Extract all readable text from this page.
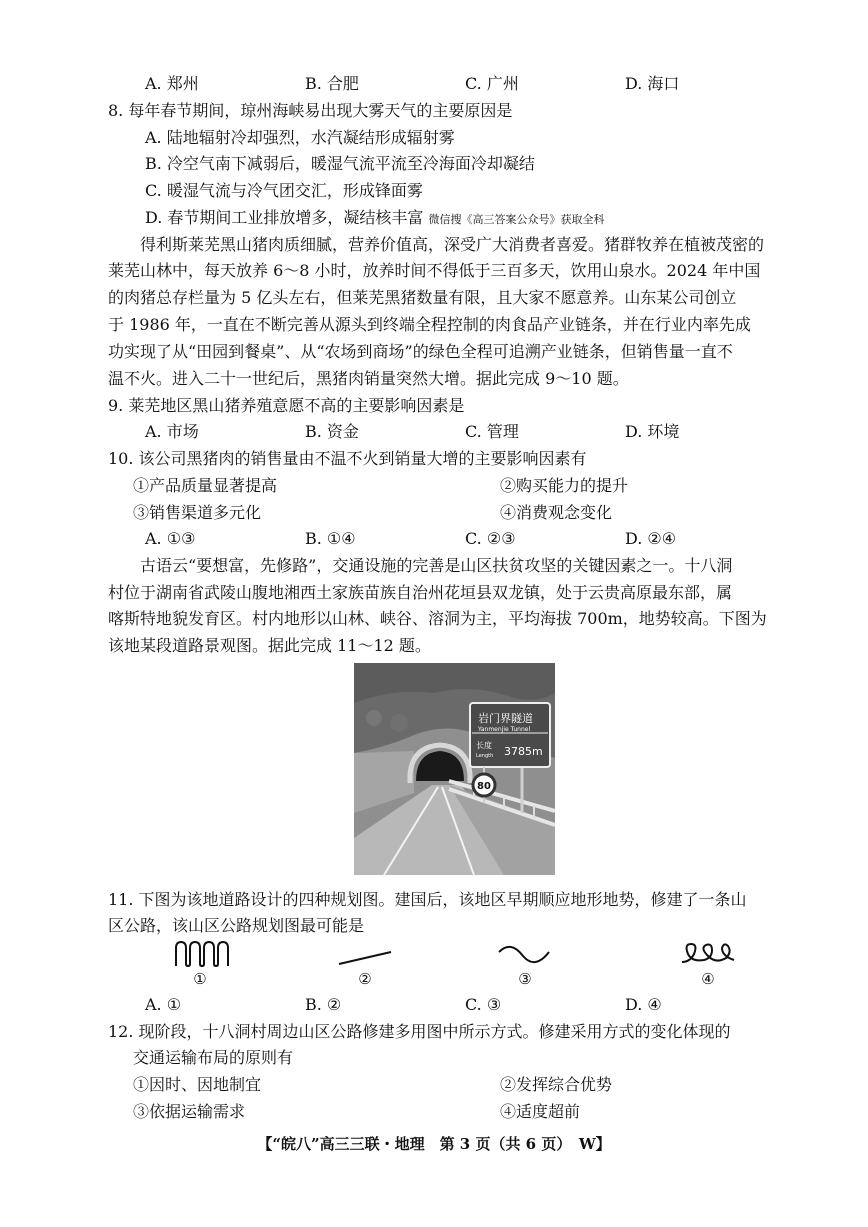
A. 郑州	B. 合肥	C. 广州	D. 海口
8. 每年春节期间，琼州海峡易出现大雾天气的主要原因是
A. 陆地辐射冷却强烈，水汽凝结形成辐射雾
B. 冷空气南下减弱后，暖湿气流平流至冷海面冷却凝结
C. 暖湿气流与冷气团交汇，形成锋面雾
D. 春节期间工业排放增多，凝结核丰富 微信搜《高三答案公众号》获取全科
　　得利斯莱芜黑山猪肉质细腻，营养价值高，深受广大消费者喜爱。猪群牧养在植被茂密的
莱芜山林中，每天放养 6～8 小时，放养时间不得低于三百多天，饮用山泉水。2024 年中国
的肉猪总存栏量为 5 亿头左右，但莱芜黑猪数量有限，且大家不愿意养。山东某公司创立
于 1986 年，一直在不断完善从源头到终端全程控制的肉食品产业链条，并在行业内率先成
功实现了从“田园到餐桌”、从“农场到商场”的绿色全程可追溯产业链条，但销售量一直不
温不火。进入二十一世纪后，黑猪肉销量突然大增。据此完成 9～10 题。
9. 莱芜地区黑山猪养殖意愿不高的主要影响因素是
A. 市场	B. 资金	C. 管理	D. 环境
10. 该公司黑猪肉的销售量由不温不火到销量大增的主要影响因素有
①产品质量显著提高	②购买能力的提升
③销售渠道多元化	④消费观念变化
A. ①③	B. ①④	C. ②③	D. ②④
　　古语云“要想富，先修路”，交通设施的完善是山区扶贫攻坚的关键因素之一。十八洞
村位于湖南省武陵山腹地湘西土家族苗族自治州花垣县双龙镇，处于云贵高原最东部，属
喀斯特地貌发育区。村内地形以山林、峡谷、溶洞为主，平均海拔 700m，地势较高。下图为
该地某段道路景观图。据此完成 11～12 题。
岩门界隧道
Yanmenjie Tunnel
长度
Length 3785m
80
11. 下图为该地道路设计的四种规划图。建国后，该地区早期顺应地形地势，修建了一条山
区公路，该山区公路规划图最可能是
①	②	③	④
A. ①	B. ②	C. ③	D. ④
12. 现阶段，十八洞村周边山区公路修建多用图中所示方式。修建采用方式的变化体现的
交通运输布局的原则有
①因时、因地制宜	②发挥综合优势
③依据运输需求	④适度超前
【“皖八”高三三联・地理　第 3 页（共 6 页）　W】
